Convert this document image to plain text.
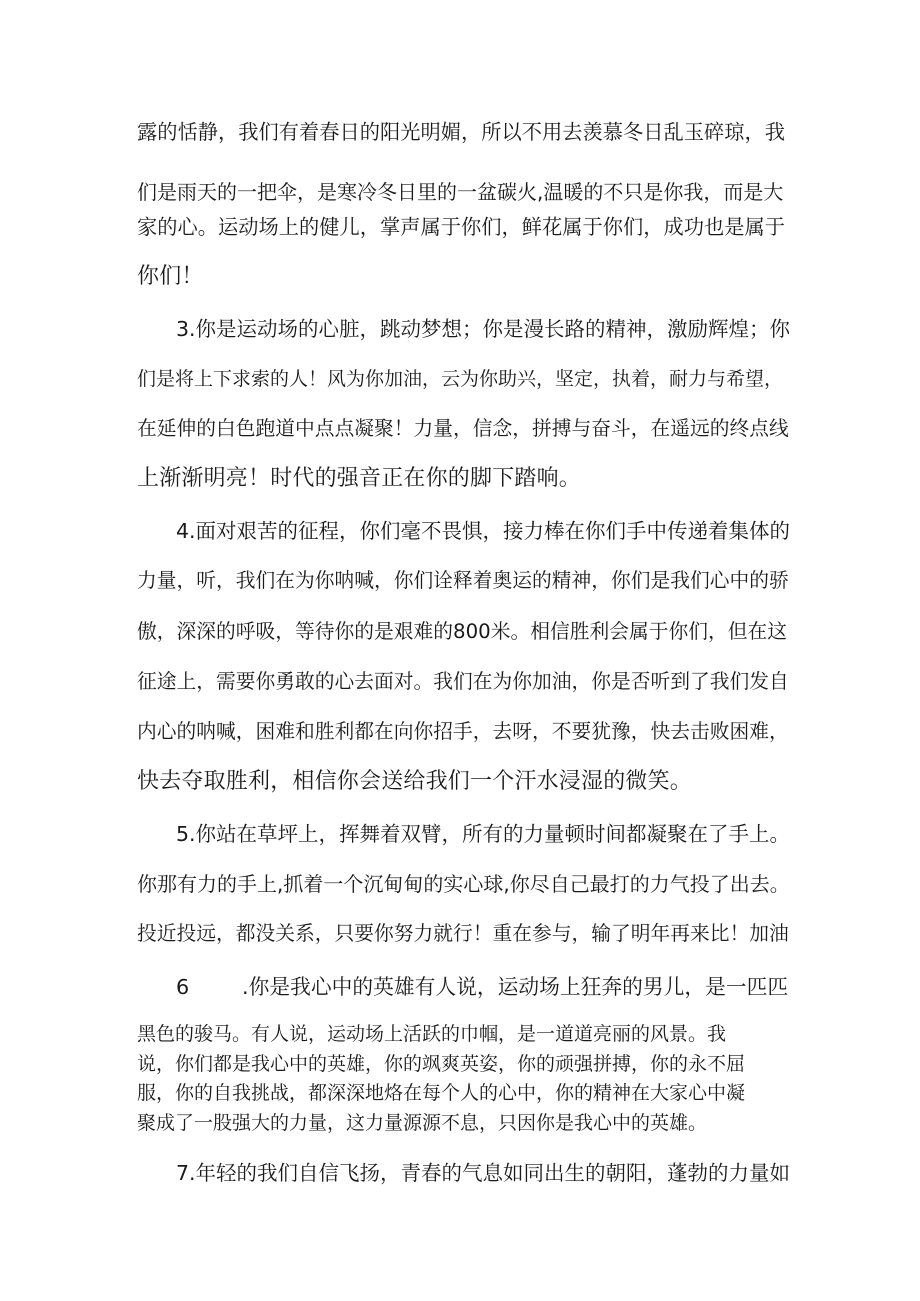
露的恬静，我们有着春日的阳光明媚，所以不用去羡慕冬日乱玉碎琼，我

们是雨天的一把伞，是寒冷冬日里的一盆碳火,温暖的不只是你我，而是大

家的心。运动场上的健儿，掌声属于你们，鲜花属于你们，成功也是属于

你们！

3.你是运动场的心脏，跳动梦想；你是漫长路的精神，激励辉煌；你

们是将上下求索的人！风为你加油，云为你助兴，坚定，执着，耐力与希望，

在延伸的白色跑道中点点凝聚！力量，信念，拼搏与奋斗，在遥远的终点线

上渐渐明亮！时代的强音正在你的脚下踏响。

4.面对艰苦的征程，你们毫不畏惧，接力棒在你们手中传递着集体的

力量，听，我们在为你呐喊，你们诠释着奥运的精神，你们是我们心中的骄

傲，深深的呼吸，等待你的是艰难的800米。相信胜利会属于你们，但在这

征途上，需要你勇敢的心去面对。我们在为你加油，你是否听到了我们发自

内心的呐喊，困难和胜利都在向你招手，去呀，不要犹豫，快去击败困难，

快去夺取胜利，相信你会送给我们一个汗水浸湿的微笑。

5.你站在草坪上，挥舞着双臂，所有的力量顿时间都凝聚在了手上。

你那有力的手上,抓着一个沉甸甸的实心球,你尽自己最打的力气投了出去。

投近投远，都没关系，只要你努力就行！重在参与，输了明年再来比！加油

6        .你是我心中的英雄有人说，运动场上狂奔的男儿，是一匹匹

黑色的骏马。有人说，运动场上活跃的巾帼，是一道道亮丽的风景。我

说，你们都是我心中的英雄，你的飒爽英姿，你的顽强拼搏，你的永不屈

服，你的自我挑战，都深深地烙在每个人的心中，你的精神在大家心中凝

聚成了一股强大的力量，这力量源源不息，只因你是我心中的英雄。

7.年轻的我们自信飞扬，青春的气息如同出生的朝阳，蓬勃的力量如
